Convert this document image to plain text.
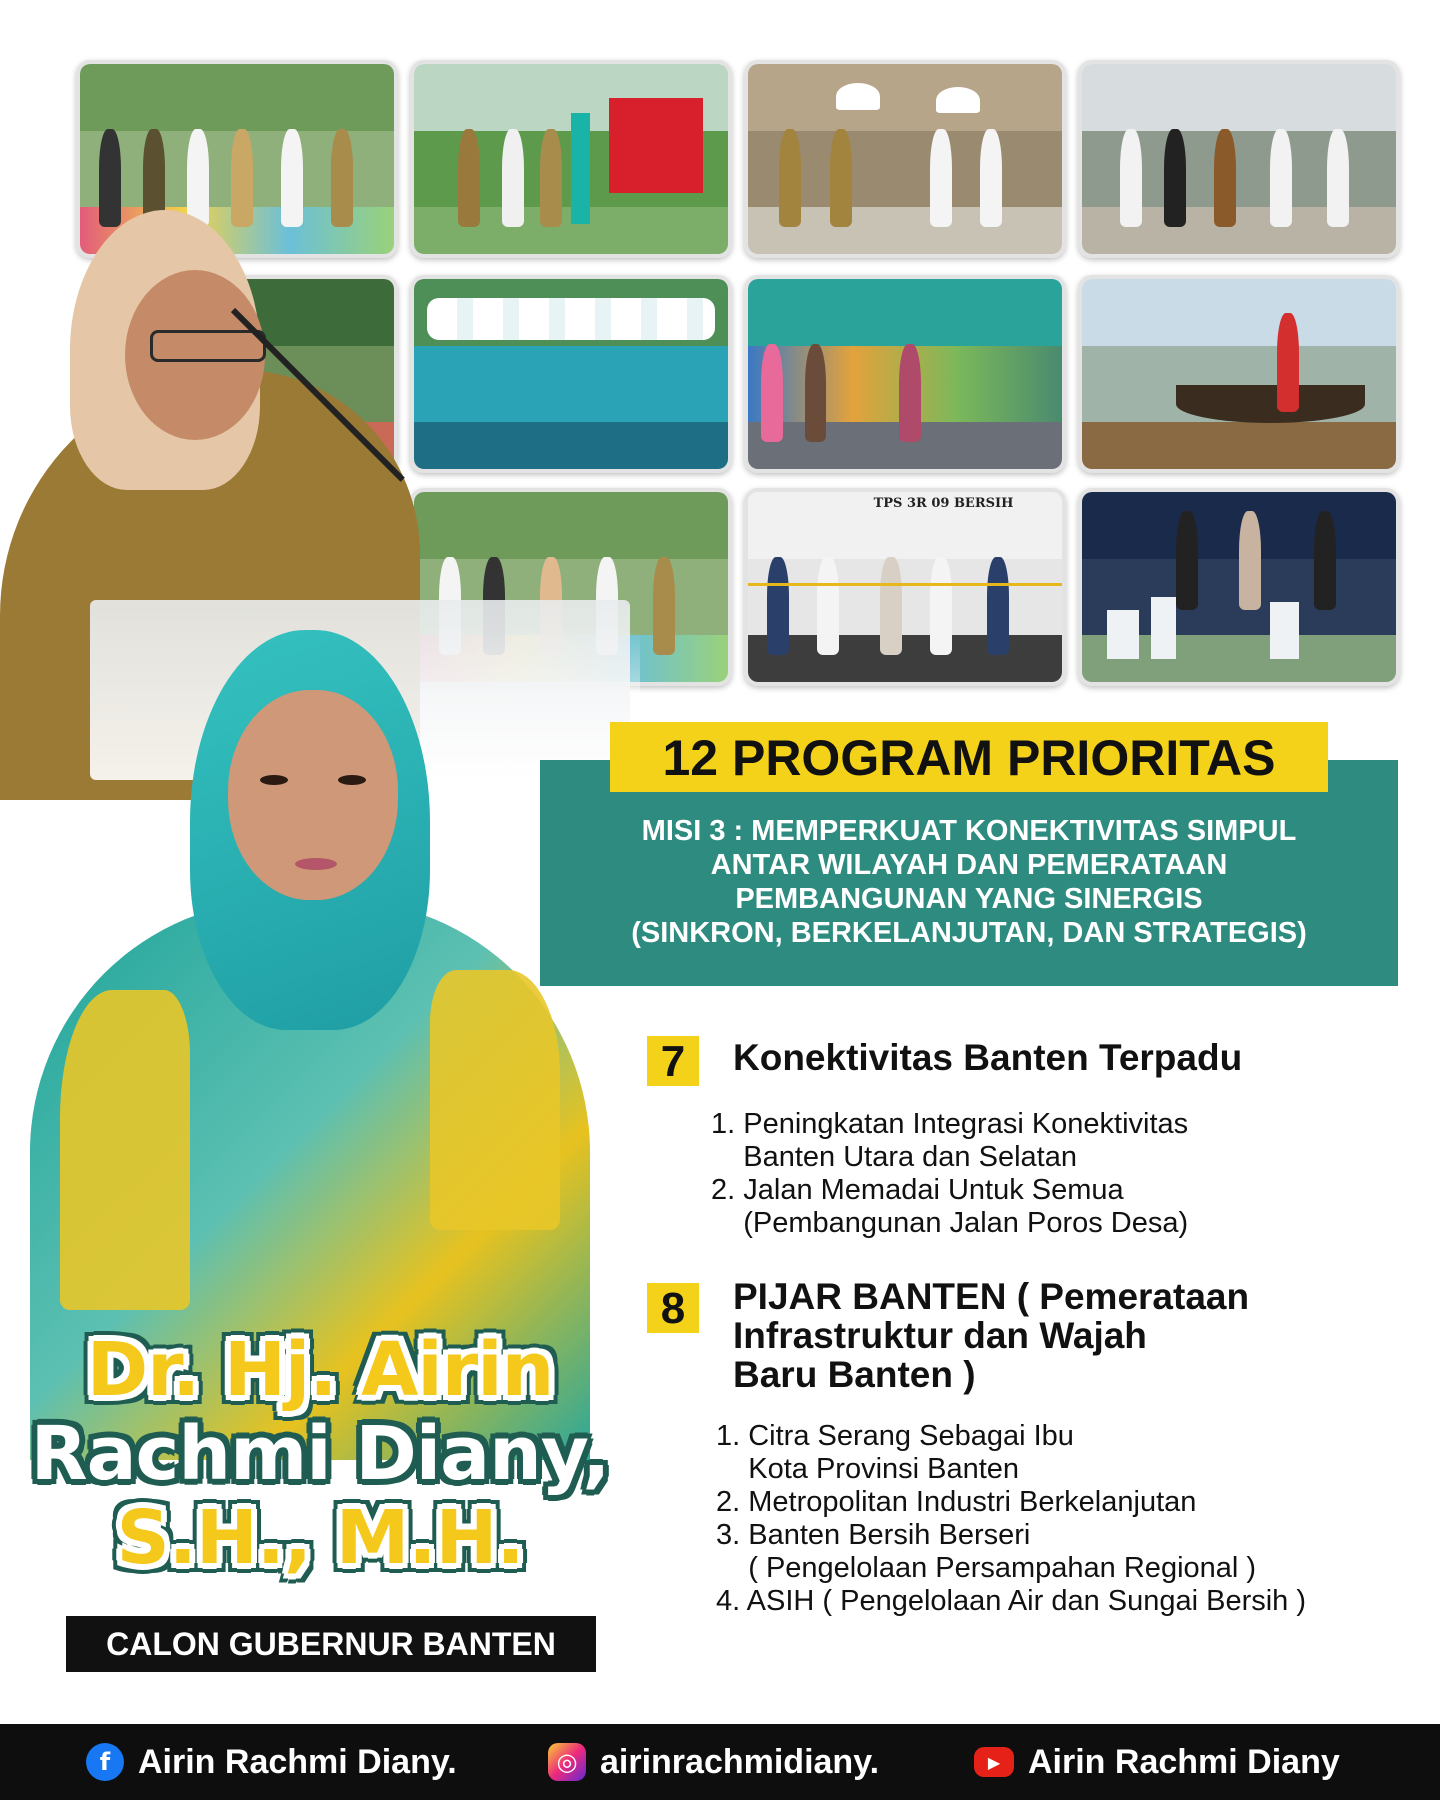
TPS 3R 09 BERSIH
Dr. Hj. Airin
Rachmi Diany,
S.H., M.H.
CALON GUBERNUR BANTEN
12 PROGRAM PRIORITAS
MISI 3 : MEMPERKUAT KONEKTIVITAS SIMPUL
ANTAR WILAYAH DAN PEMERATAAN
PEMBANGUNAN YANG SINERGIS
(SINKRON, BERKELANJUTAN, DAN STRATEGIS)
7	Konektivitas Banten Terpadu
1. Peningkatan Integrasi Konektivitas
Banten Utara dan Selatan
2. Jalan Memadai Untuk Semua
(Pembangunan Jalan Poros Desa)
8	PIJAR BANTEN ( Pemerataan
Infrastruktur dan Wajah
Baru Banten )
1. Citra Serang Sebagai Ibu
Kota Provinsi Banten
2. Metropolitan Industri Berkelanjutan
3. Banten Bersih Berseri
( Pengelolaan Persampahan Regional )
4. ASIH ( Pengelolaan Air dan Sungai Bersih )
f Airin Rachmi Diany.	◎ airinrachmidiany.	▶ Airin Rachmi Diany
